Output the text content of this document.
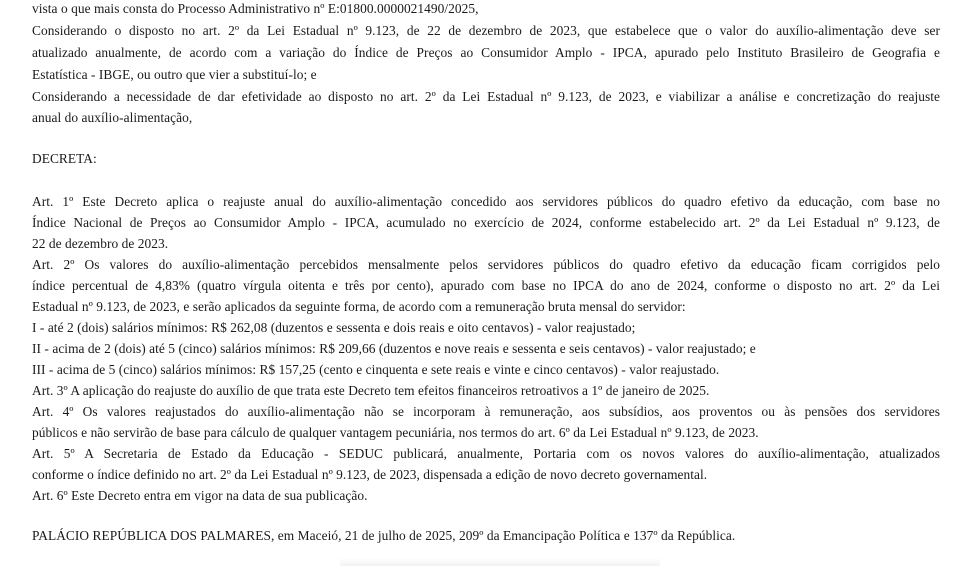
vista o que mais consta do Processo Administrativo nº E:01800.0000021490/2025,
Considerando o disposto no art. 2º da Lei Estadual nº 9.123, de 22 de dezembro de 2023, que estabelece que o valor do auxílio-alimentação deve ser
atualizado anualmente, de acordo com a variação do Índice de Preços ao Consumidor Amplo - IPCA, apurado pelo Instituto Brasileiro de Geografia e
Estatística - IBGE, ou outro que vier a substituí-lo; e
Considerando a necessidade de dar efetividade ao disposto no art. 2º da Lei Estadual nº 9.123, de 2023, e viabilizar a análise e concretização do reajuste
anual do auxílio-alimentação,
DECRETA:
Art. 1º Este Decreto aplica o reajuste anual do auxílio-alimentação concedido aos servidores públicos do quadro efetivo da educação, com base no
Índice Nacional de Preços ao Consumidor Amplo - IPCA, acumulado no exercício de 2024, conforme estabelecido art. 2º da Lei Estadual nº 9.123, de
22 de dezembro de 2023.
Art. 2º Os valores do auxílio-alimentação percebidos mensalmente pelos servidores públicos do quadro efetivo da educação ficam corrigidos pelo
índice percentual de 4,83% (quatro vírgula oitenta e três por cento), apurado com base no IPCA do ano de 2024, conforme o disposto no art. 2º da Lei
Estadual nº 9.123, de 2023, e serão aplicados da seguinte forma, de acordo com a remuneração bruta mensal do servidor:
I - até 2 (dois) salários mínimos: R$ 262,08 (duzentos e sessenta e dois reais e oito centavos) - valor reajustado;
II - acima de 2 (dois) até 5 (cinco) salários mínimos: R$ 209,66 (duzentos e nove reais e sessenta e seis centavos) - valor reajustado; e
III - acima de 5 (cinco) salários mínimos: R$ 157,25 (cento e cinquenta e sete reais e vinte e cinco centavos) - valor reajustado.
Art. 3º A aplicação do reajuste do auxílio de que trata este Decreto tem efeitos financeiros retroativos a 1º de janeiro de 2025.
Art. 4º Os valores reajustados do auxílio-alimentação não se incorporam à remuneração, aos subsídios, aos proventos ou às pensões dos servidores
públicos e não servirão de base para cálculo de qualquer vantagem pecuniária, nos termos do art. 6º da Lei Estadual nº 9.123, de 2023.
Art. 5º A Secretaria de Estado da Educação - SEDUC publicará, anualmente, Portaria com os novos valores do auxílio-alimentação, atualizados
conforme o índice definido no art. 2º da Lei Estadual nº 9.123, de 2023, dispensada a edição de novo decreto governamental.
Art. 6º Este Decreto entra em vigor na data de sua publicação.
PALÁCIO REPÚBLICA DOS PALMARES, em Maceió, 21 de julho de 2025, 209º da Emancipação Política e 137º da República.
